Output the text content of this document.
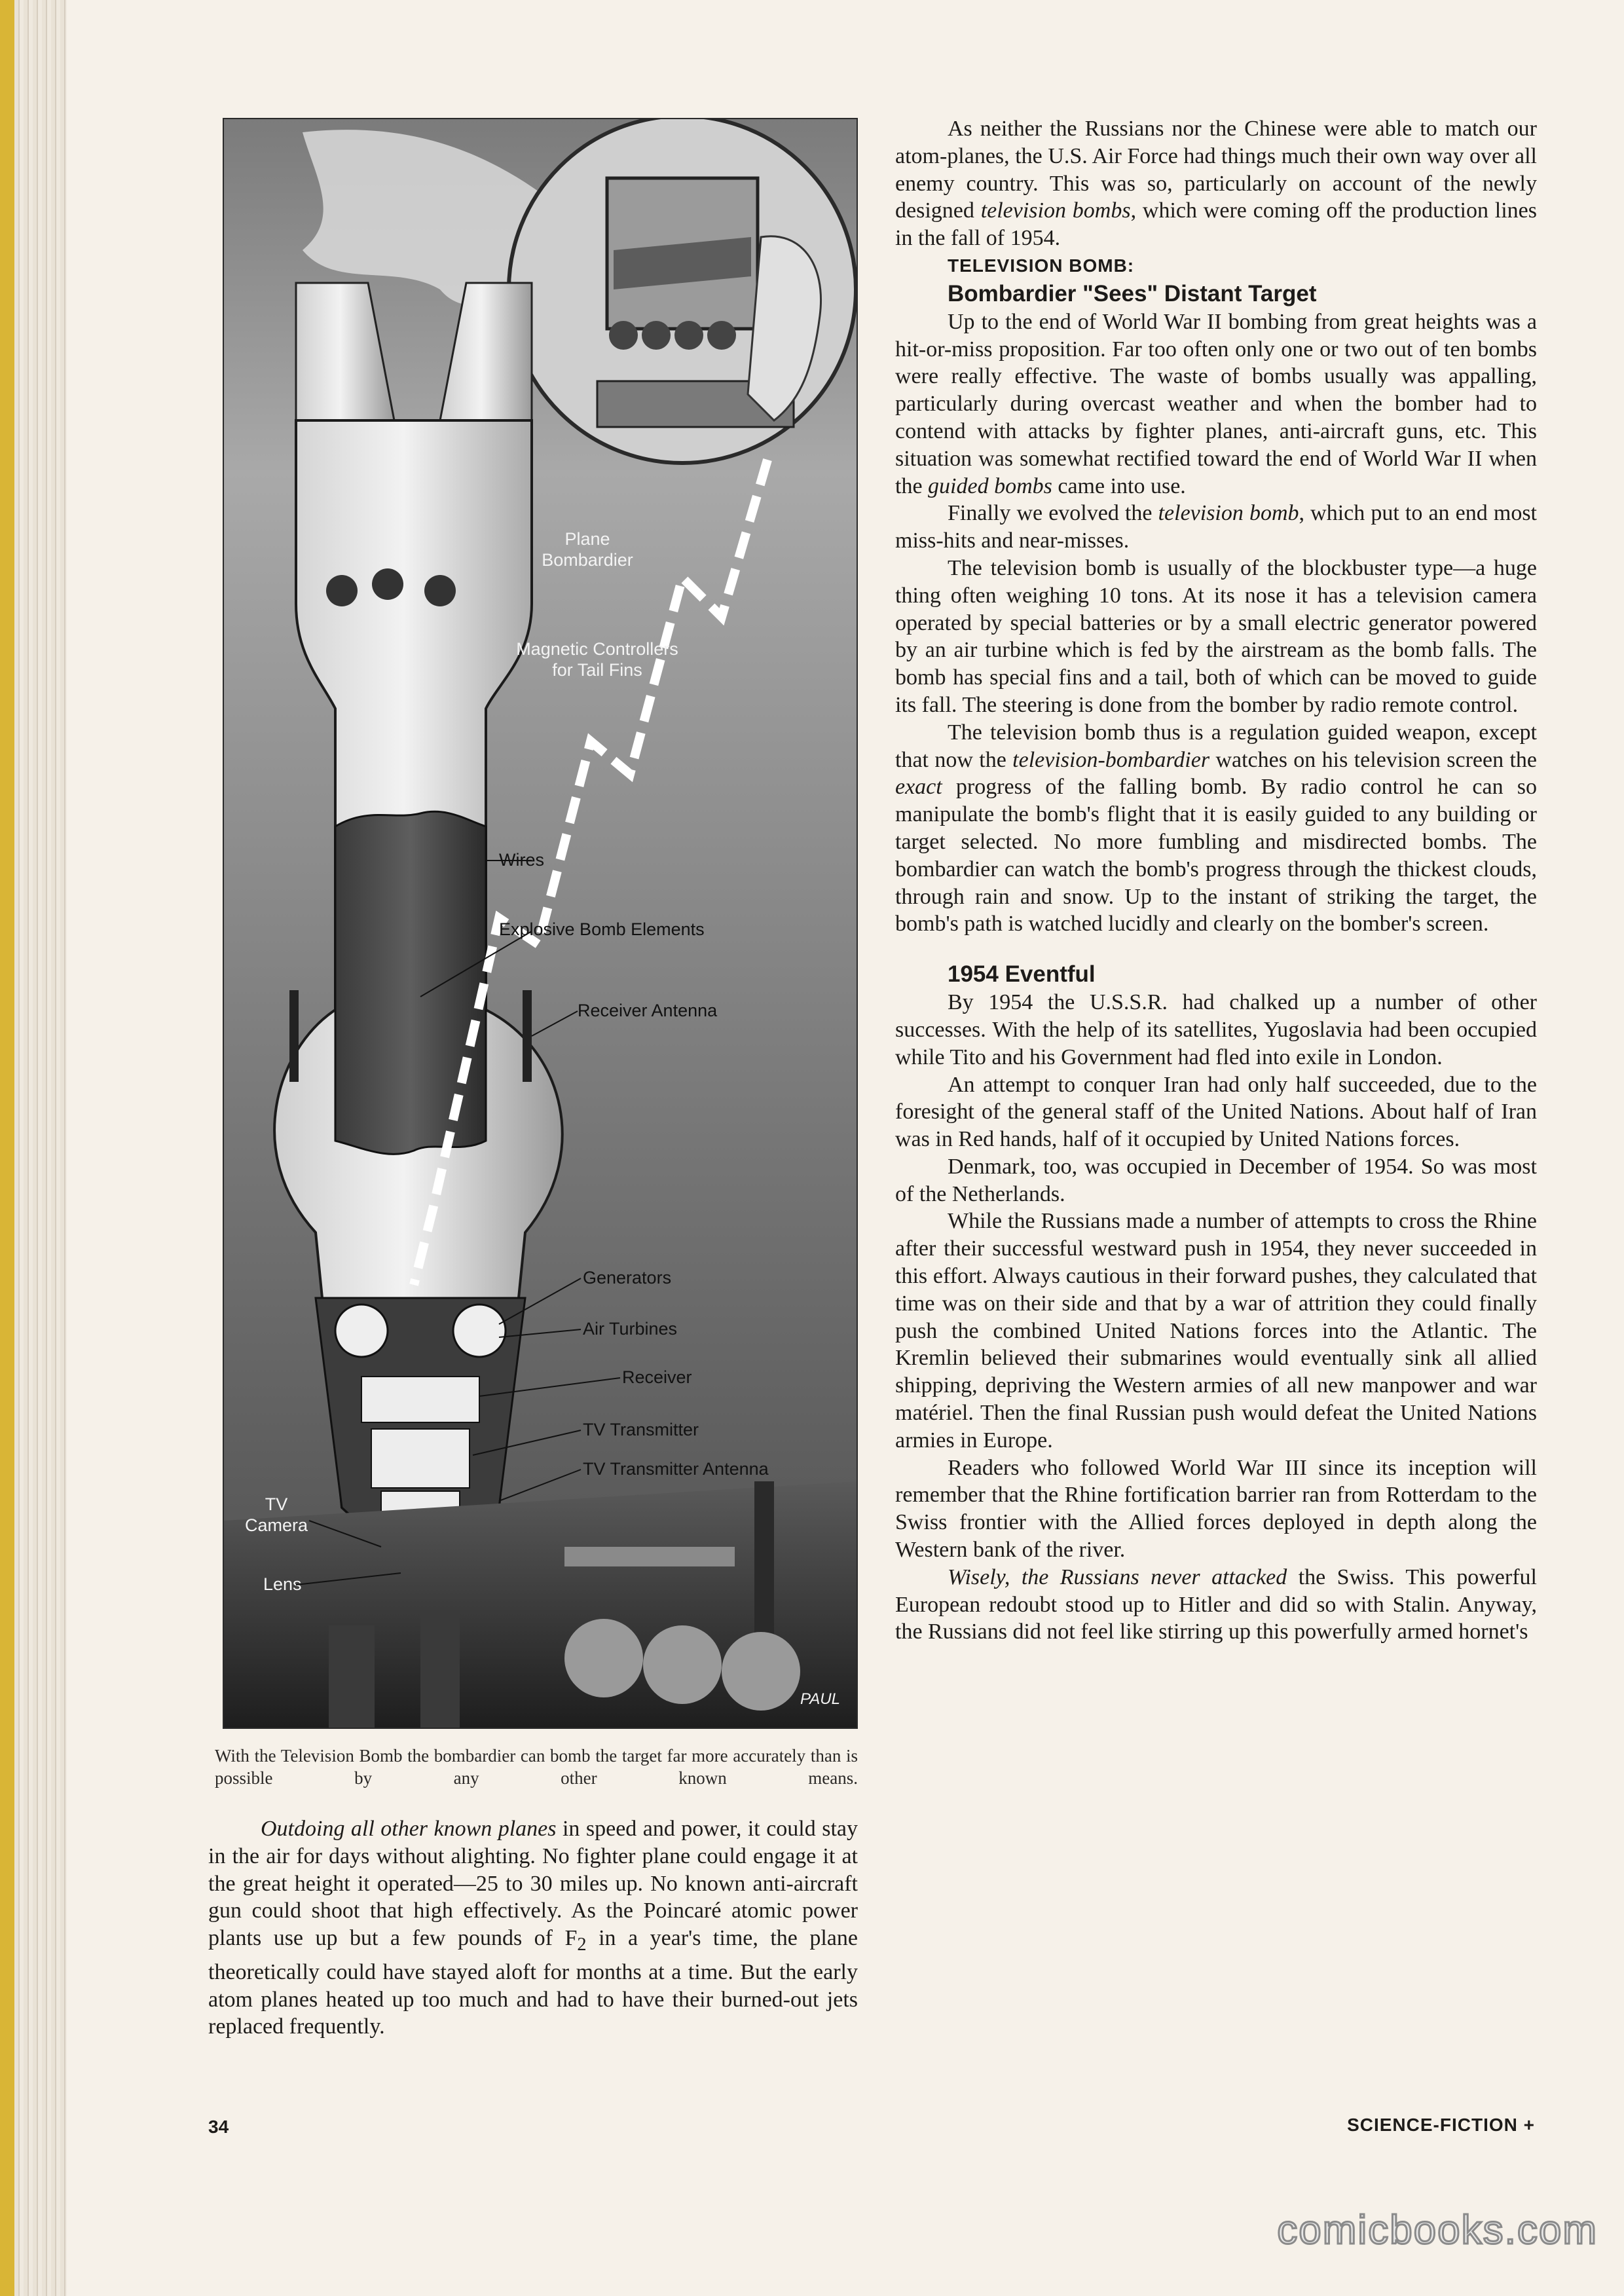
Plane
Bombardier
Magnetic Controllers
for Tail Fins
Wires
Explosive Bomb Elements
Receiver Antenna
Generators
Air Turbines
Receiver
TV Transmitter
TV Transmitter Antenna
TV
Camera
Lens
PAUL
With the Television Bomb the bombardier can bomb the target far more accurately than is possible by any other known means.

Outdoing all other known planes in speed and power, it could stay in the air for days without alighting. No fighter plane could engage it at the great height it operated—25 to 30 miles up. No known anti-aircraft gun could shoot that high effectively. As the Poincaré atomic power plants use up but a few pounds of $F_2$ in a year's time, the plane theoretically could have stayed aloft for months at a time. But the early atom planes heated up too much and had to have their burned-out jets replaced frequently.

As neither the Russians nor the Chinese were able to match our atom-planes, the U.S. Air Force had things much their own way over all enemy country. This was so, particularly on account of the newly designed television bombs, which were coming off the production lines in the fall of 1954.

TELEVISION BOMB:

Bombardier "Sees" Distant Target

Up to the end of World War II bombing from great heights was a hit-or-miss proposition. Far too often only one or two out of ten bombs were really effective. The waste of bombs usually was appalling, particularly during overcast weather and when the bomber had to contend with attacks by fighter planes, anti-aircraft guns, etc. This situation was somewhat rectified toward the end of World War II when the guided bombs came into use.

Finally we evolved the television bomb, which put to an end most miss-hits and near-misses.

The television bomb is usually of the blockbuster type—a huge thing often weighing 10 tons. At its nose it has a television camera operated by special batteries or by a small electric generator powered by an air turbine which is fed by the airstream as the bomb falls. The bomb has special fins and a tail, both of which can be moved to guide its fall. The steering is done from the bomber by radio remote control.

The television bomb thus is a regulation guided weapon, except that now the television-bombardier watches on his television screen the exact progress of the falling bomb. By radio control he can so manipulate the bomb's flight that it is easily guided to any building or target selected. No more fumbling and misdirected bombs. The bombardier can watch the bomb's progress through the thickest clouds, through rain and snow. Up to the instant of striking the target, the bomb's path is watched lucidly and clearly on the bomber's screen.

1954 Eventful

By 1954 the U.S.S.R. had chalked up a number of other successes. With the help of its satellites, Yugoslavia had been occupied while Tito and his Government had fled into exile in London.

An attempt to conquer Iran had only half succeeded, due to the foresight of the general staff of the United Nations. About half of Iran was in Red hands, half of it occupied by United Nations forces.

Denmark, too, was occupied in December of 1954. So was most of the Netherlands.

While the Russians made a number of attempts to cross the Rhine after their successful westward push in 1954, they never succeeded in this effort. Always cautious in their forward pushes, they calculated that time was on their side and that by a war of attrition they could finally push the combined United Nations forces into the Atlantic. The Kremlin believed their submarines would eventually sink all allied shipping, depriving the Western armies of all new manpower and war matériel. Then the final Russian push would defeat the United Nations armies in Europe.

Readers who followed World War III since its inception will remember that the Rhine fortification barrier ran from Rotterdam to the Swiss frontier with the Allied forces deployed in depth along the Western bank of the river.

Wisely, the Russians never attacked the Swiss. This powerful European redoubt stood up to Hitler and did so with Stalin. Anyway, the Russians did not feel like stirring up this powerfully armed hornet's

34	SCIENCE-FICTION +
comicbooks.com
